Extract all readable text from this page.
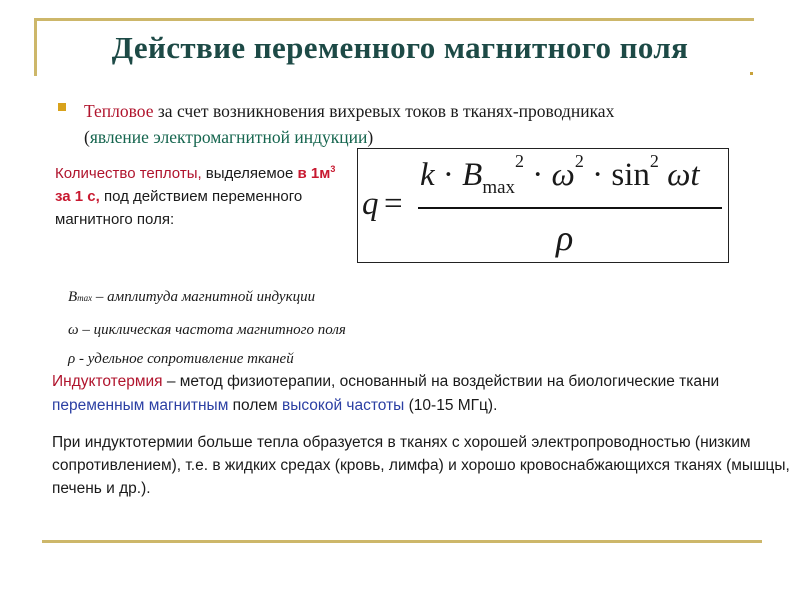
Действие переменного магнитного поля
Тепловое за счет возникновения вихревых токов в тканях-проводниках (явление электромагнитной индукции)
Количество теплоты, выделяемое в $1м^3$ за 1 с, под действием переменного магнитного поля:	q =
$k \cdot B_{max}^2 \cdot \omega^2 \cdot \sin^2 \omega t$
ρ
Bmax – амплитуда магнитной индукции
ω – циклическая частота магнитного поля
ρ - удельное сопротивление тканей
Индуктотермия – метод физиотерапии, основанный на воздействии на биологические ткани переменным магнитным полем высокой частоты (10-15 МГц).
При индуктотермии больше тепла образуется в тканях с хорошей электропроводностью (низким сопротивлением), т.е. в жидких средах (кровь, лимфа) и хорошо кровоснабжающихся тканях (мышцы, печень и др.).
